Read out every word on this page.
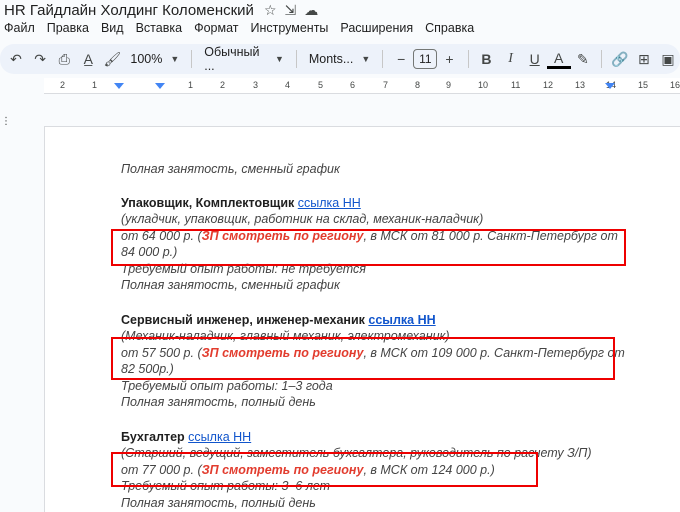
HR Гайдлайн Холдинг Коломенский ☆ ⇲ ☁
Файл Правка Вид Вставка Формат Инструменты Расширения Справка
↶ ↷ ⎙ A̲ 🖌 100% ▼ Обычный ...	▼ Monts... ▼	−	11 +	B	I	U	A ✎	🔗 ⊞ ▣
2	1	1	2	3	4	5	6	7	8	9	10	11	12 13 14 15 16
⋮
Полная занятость, сменный график
Упаковщик, Комплектовщик ссылка НН
(укладчик, упаковщик, работник на склад, механик-наладчик)
от 64 000 р. (ЗП смотреть по региону, в МСК от 81 000 р. Санкт-Петербург от
84 000 р.)
Требуемый опыт работы: не требуется
Полная занятость, сменный график
Сервисный инженер, инженер-механик ссылка НН
(Механик-наладчик, главный механик, электромеханик)
от 57 500 р. (ЗП смотреть по региону, в МСК от 109 000 р. Санкт-Петербург от
82 500р.)
Требуемый опыт работы: 1–3 года
Полная занятость, полный день
Бухгалтер ссылка НН
(Старший, ведущий, заместитель бухгалтера, руководитель по расчету З/П)
от 77 000 р. (ЗП смотреть по региону, в МСК от 124 000 р.)
Требуемый опыт работы: 3–6 лет
Полная занятость, полный день
